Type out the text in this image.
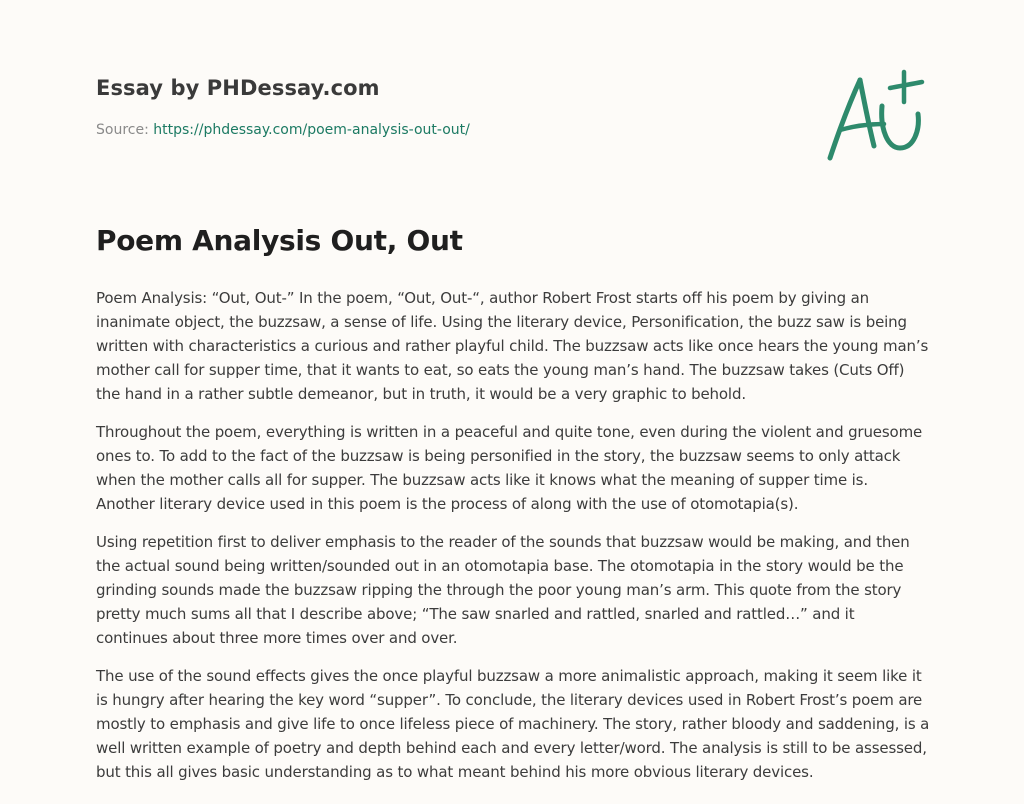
Essay by PHDessay.com
Source: https://phdessay.com/poem-analysis-out-out/
Poem Analysis Out, Out

Poem Analysis: “Out, Out-” In the poem, “Out, Out-“, author Robert Frost starts off his poem by giving an inanimate object, the buzzsaw, a sense of life. Using the literary device, Personification, the buzz saw is being written with characteristics a curious and rather playful child. The buzzsaw acts like once hears the young man’s mother call for supper time, that it wants to eat, so eats the young man’s hand. The buzzsaw takes (Cuts Off) the hand in a rather subtle demeanor, but in truth, it would be a very graphic to behold.

Throughout the poem, everything is written in a peaceful and quite tone, even during the violent and gruesome ones to. To add to the fact of the buzzsaw is being personified in the story, the buzzsaw seems to only attack when the mother calls all for supper. The buzzsaw acts like it knows what the meaning of supper time is. Another literary device used in this poem is the process of along with the use of otomotapia(s).

Using repetition first to deliver emphasis to the reader of the sounds that buzzsaw would be making, and then the actual sound being written/sounded out in an otomotapia base. The otomotapia in the story would be the grinding sounds made the buzzsaw ripping the through the poor young man’s arm. This quote from the story pretty much sums all that I describe above; “The saw snarled and rattled, snarled and rattled…” and it continues about three more times over and over.

The use of the sound effects gives the once playful buzzsaw a more animalistic approach, making it seem like it is hungry after hearing the key word “supper”. To conclude, the literary devices used in Robert Frost’s poem are mostly to emphasis and give life to once lifeless piece of machinery. The story, rather bloody and saddening, is a well written example of poetry and depth behind each and every letter/word. The analysis is still to be assessed, but this all gives basic understanding as to what meant behind his more obvious literary devices.
